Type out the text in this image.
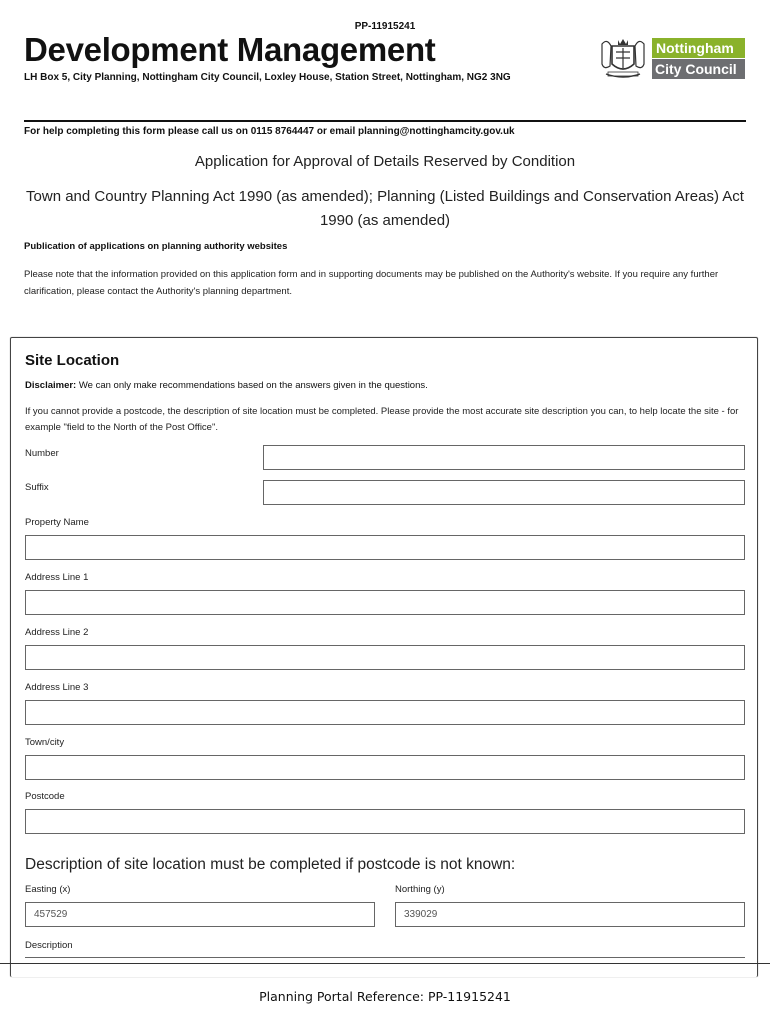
PP-11915241
Development Management
LH Box 5, City Planning, Nottingham City Council, Loxley House, Station Street, Nottingham, NG2 3NG
Nottingham
City Council
For help completing this form please call us on 0115 8764447 or email planning@nottinghamcity.gov.uk
Application for Approval of Details Reserved by Condition
Town and Country Planning Act 1990 (as amended); Planning (Listed Buildings and Conservation Areas) Act 1990 (as amended)
Publication of applications on planning authority websites
Please note that the information provided on this application form and in supporting documents may be published on the Authority's website. If you require any further clarification, please contact the Authority's planning department.
Site Location
Disclaimer: We can only make recommendations based on the answers given in the questions.
If you cannot provide a postcode, the description of site location must be completed. Please provide the most accurate site description you can, to help locate the site - for example "field to the North of the Post Office".
Number
Suffix
Property Name
Address Line 1
Address Line 2
Address Line 3
Town/city
Postcode
Description of site location must be completed if postcode is not known:
Easting (x)
457529
Northing (y)
339029
Description
Planning Portal Reference: PP-11915241
